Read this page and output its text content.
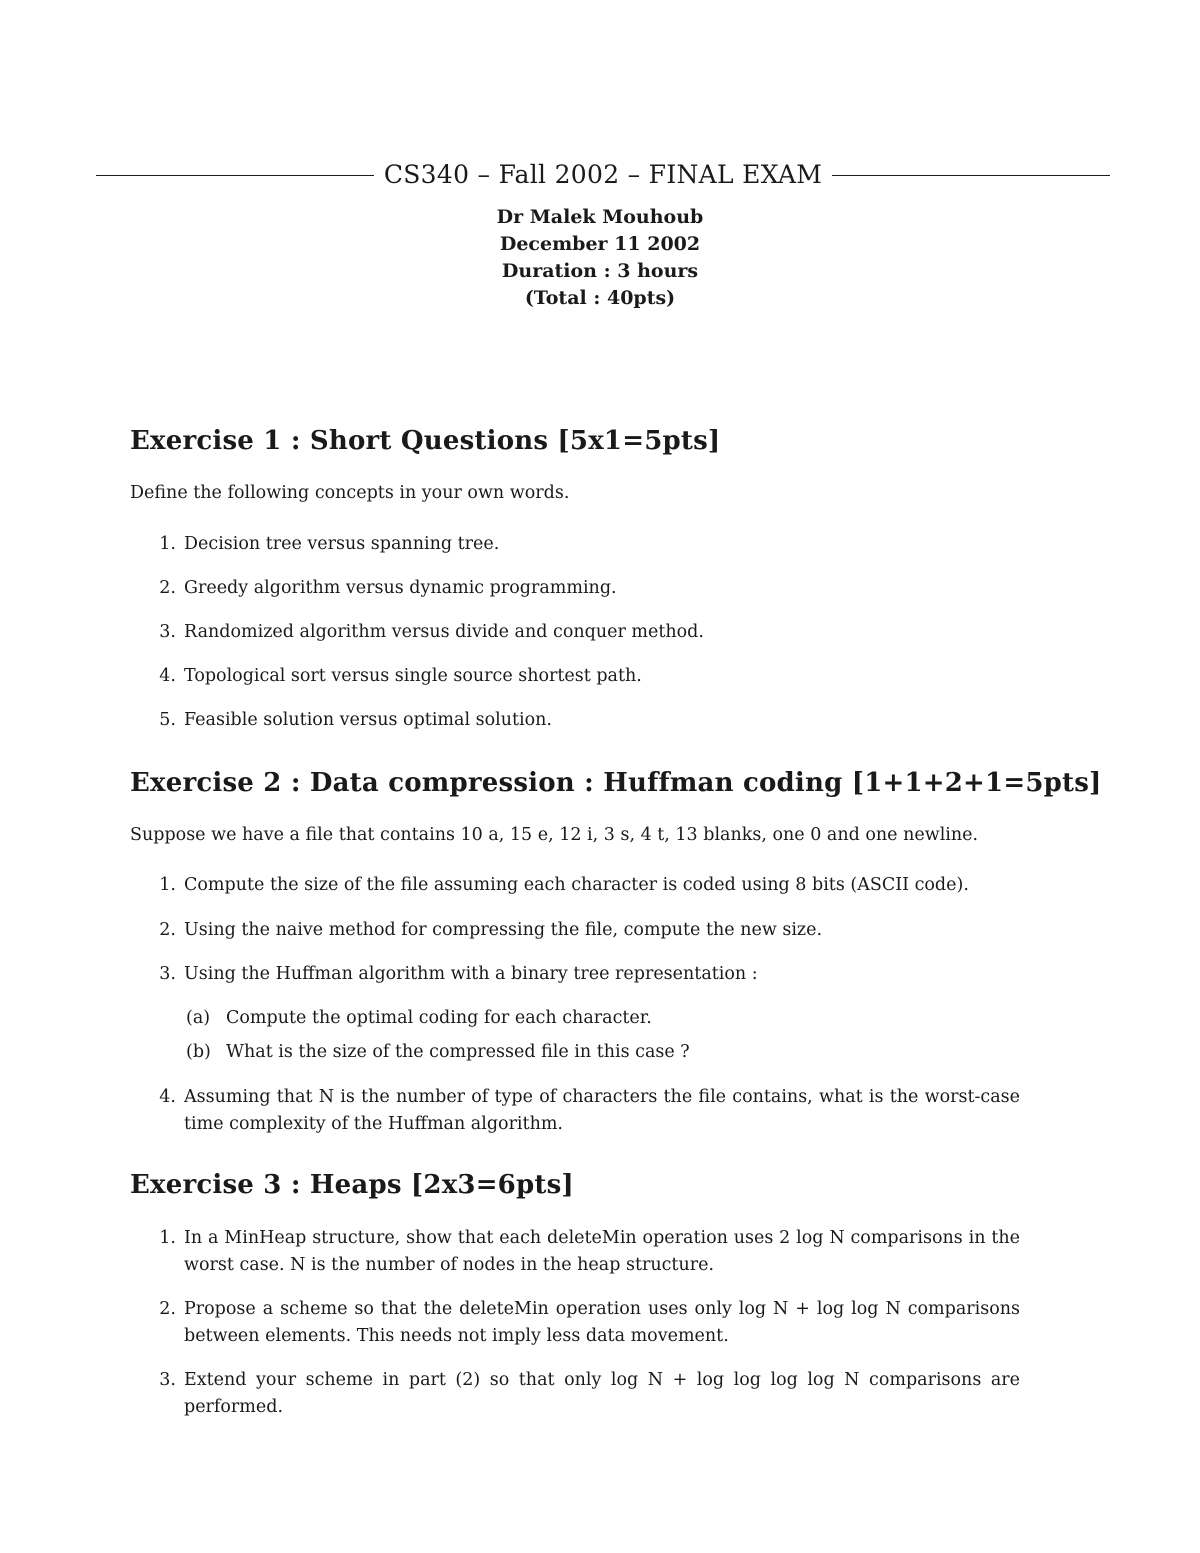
CS340 – Fall 2002 – FINAL EXAM
Dr Malek Mouhoub
December 11 2002
Duration : 3 hours
(Total : 40pts)
Exercise 1 : Short Questions [5x1=5pts]
Define the following concepts in your own words.
1. Decision tree versus spanning tree.
2. Greedy algorithm versus dynamic programming.
3. Randomized algorithm versus divide and conquer method.
4. Topological sort versus single source shortest path.
5. Feasible solution versus optimal solution.
Exercise 2 : Data compression : Huffman coding [1+1+2+1=5pts]
Suppose we have a file that contains 10 a, 15 e, 12 i, 3 s, 4 t, 13 blanks, one 0 and one newline.
1. Compute the size of the file assuming each character is coded using 8 bits (ASCII code).
2. Using the naive method for compressing the file, compute the new size.
3. Using the Huffman algorithm with a binary tree representation :
(a) Compute the optimal coding for each character.
(b) What is the size of the compressed file in this case ?
4. Assuming that N is the number of type of characters the file contains, what is the worst-case time complexity of the Huffman algorithm.
Exercise 3 : Heaps [2x3=6pts]
1. In a MinHeap structure, show that each deleteMin operation uses 2 log N comparisons in the worst case. N is the number of nodes in the heap structure.
2. Propose a scheme so that the deleteMin operation uses only log N + log log N comparisons between elements. This needs not imply less data movement.
3. Extend your scheme in part (2) so that only log N + log log log log N comparisons are performed.
